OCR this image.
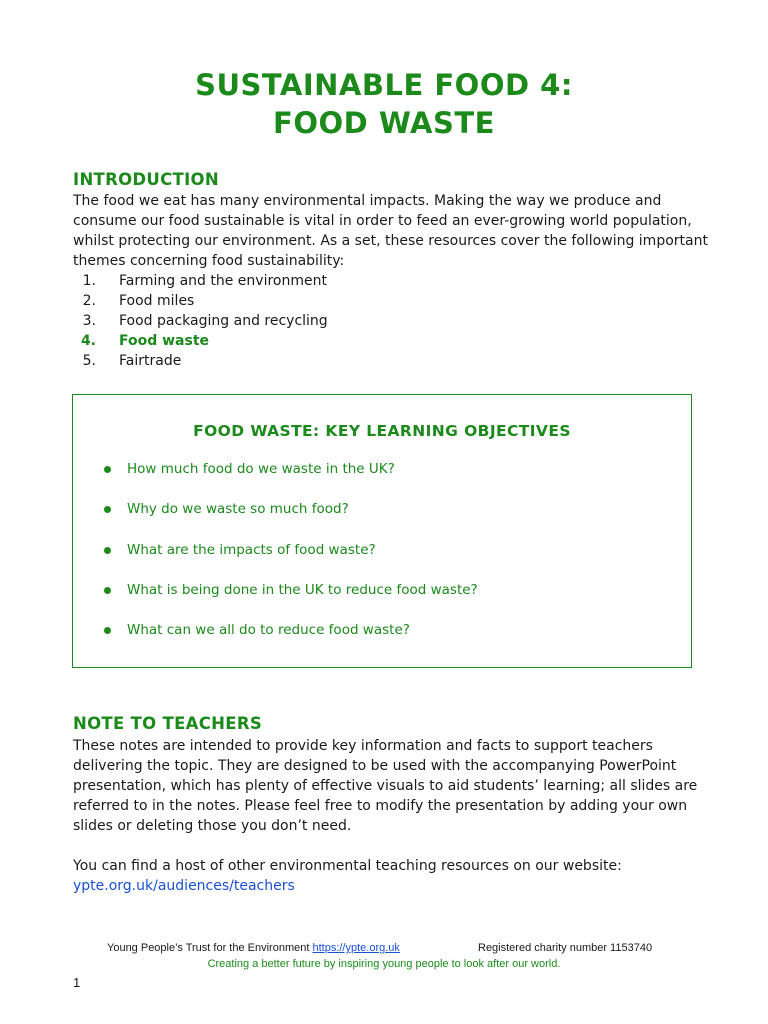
SUSTAINABLE FOOD 4:
FOOD WASTE
INTRODUCTION

The food we eat has many environmental impacts. Making the way we produce and consume our food sustainable is vital in order to feed an ever-growing world population, whilst protecting our environment. As a set, these resources cover the following important themes concerning food sustainability:

1.	Farming and the environment
2.	Food miles
3.	Food packaging and recycling
4.	Food waste
5.	Fairtrade
FOOD WASTE: KEY LEARNING OBJECTIVES
How much food do we waste in the UK?
Why do we waste so much food?
What are the impacts of food waste?
What is being done in the UK to reduce food waste?
What can we all do to reduce food waste?
NOTE TO TEACHERS

These notes are intended to provide key information and facts to support teachers delivering the topic. They are designed to be used with the accompanying PowerPoint presentation, which has plenty of effective visuals to aid students’ learning; all slides are referred to in the notes. Please feel free to modify the presentation by adding your own slides or deleting those you don’t need.

You can find a host of other environmental teaching resources on our website:

ypte.org.uk/audiences/teachers

Young People’s Trust for the Environment https://ypte.org.uk	Registered charity number 1153740
Creating a better future by inspiring young people to look after our world.
1
